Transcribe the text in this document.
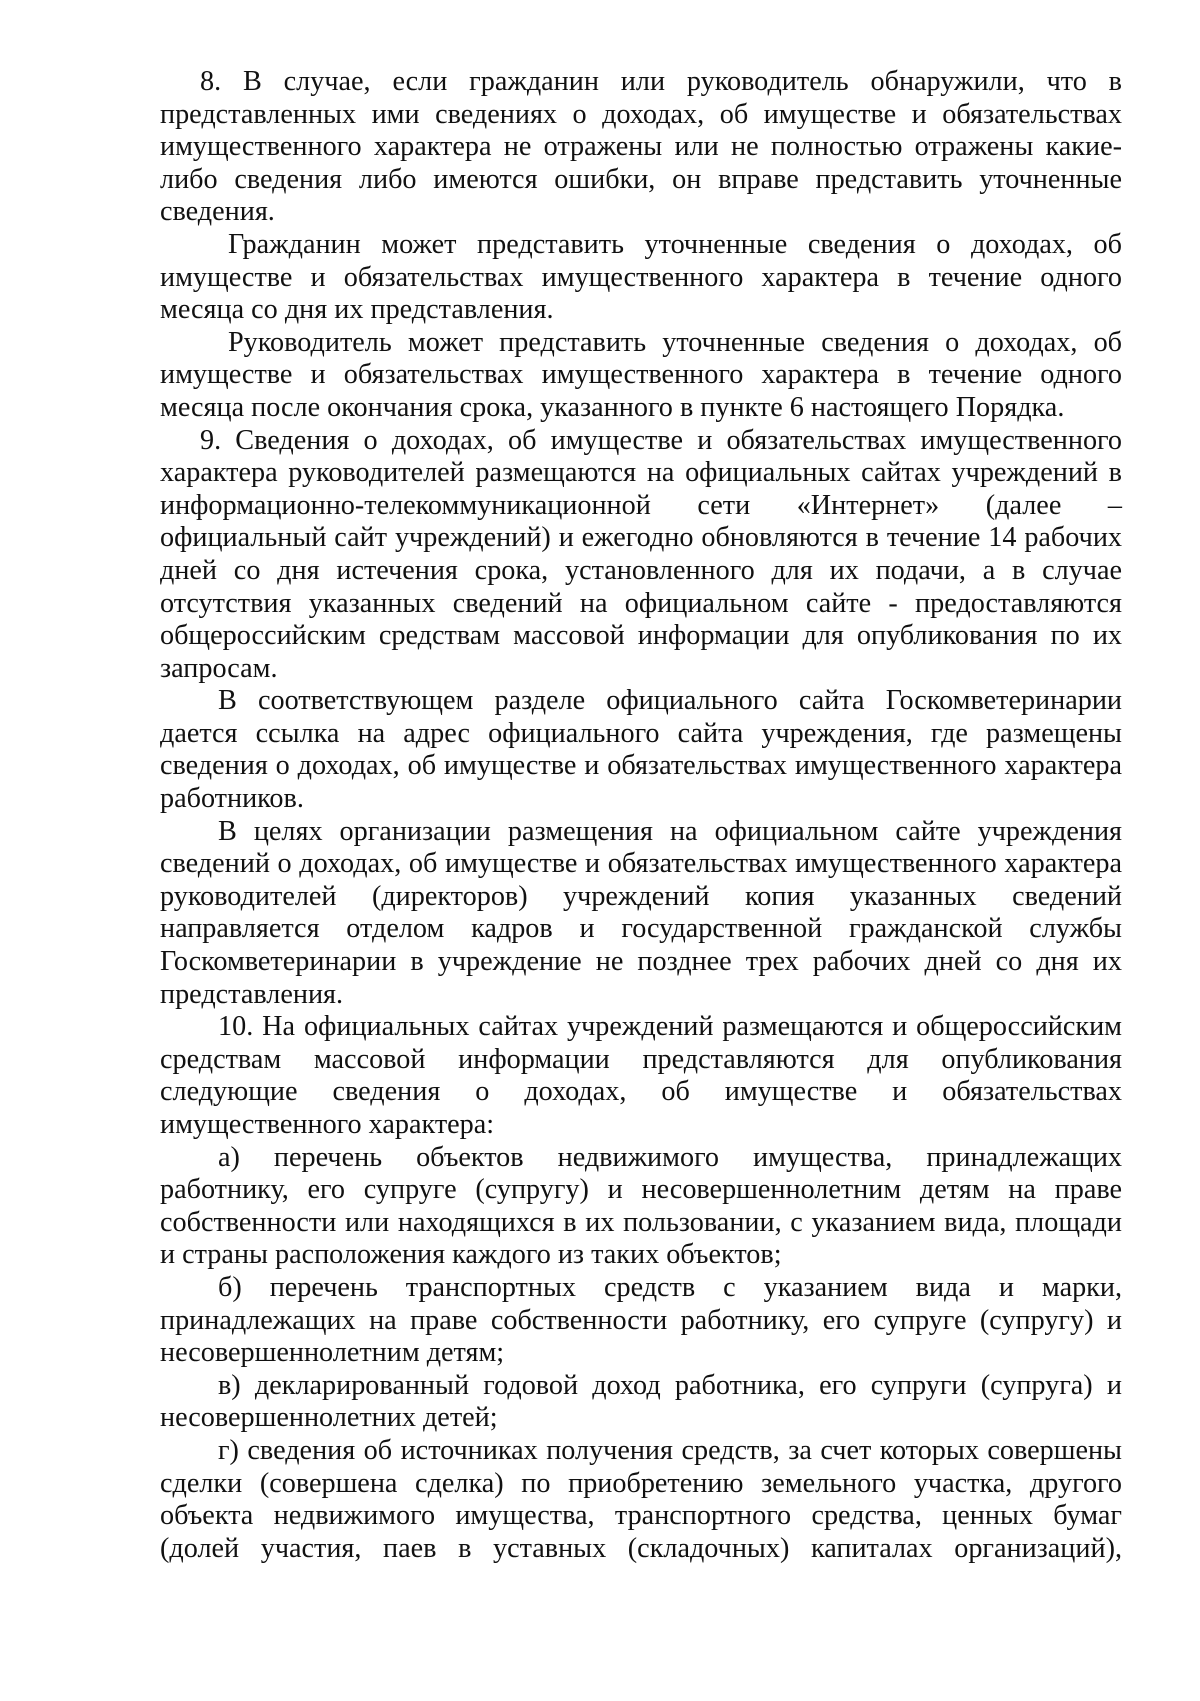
8. В случае, если гражданин или руководитель обнаружили, что в представленных ими сведениях о доходах, об имуществе и обязательствах имущественного характера не отражены или не полностью отражены какие-либо сведения либо имеются ошибки, он вправе представить уточненные сведения.

Гражданин может представить уточненные сведения о доходах, об имуществе и обязательствах имущественного характера в течение одного месяца со дня их представления.

Руководитель может представить уточненные сведения о доходах, об имуществе и обязательствах имущественного характера в течение одного месяца после окончания срока, указанного в пункте 6 настоящего Порядка.

9. Сведения о доходах, об имуществе и обязательствах имущественного характера руководителей размещаются на официальных сайтах учреждений в информационно-телекоммуникационной сети «Интернет» (далее – официальный сайт учреждений) и ежегодно обновляются в течение 14 рабочих дней со дня истечения срока, установленного для их подачи, а в случае отсутствия указанных сведений на официальном сайте - предоставляются общероссийским средствам массовой информации для опубликования по их запросам.

В соответствующем разделе официального сайта Госкомветеринарии дается ссылка на адрес официального сайта учреждения, где размещены сведения о доходах, об имуществе и обязательствах имущественного характера работников.

В целях организации размещения на официальном сайте учреждения сведений о доходах, об имуществе и обязательствах имущественного характера руководителей (директоров) учреждений копия указанных сведений направляется отделом кадров и государственной гражданской службы Госкомветеринарии в учреждение не позднее трех рабочих дней со дня их представления.

10. На официальных сайтах учреждений размещаются и общероссийским средствам массовой информации представляются для опубликования следующие сведения о доходах, об имуществе и обязательствах имущественного характера:

а) перечень объектов недвижимого имущества, принадлежащих работнику, его супруге (супругу) и несовершеннолетним детям на праве собственности или находящихся в их пользовании, с указанием вида, площади и страны расположения каждого из таких объектов;

б) перечень транспортных средств с указанием вида и марки, принадлежащих на праве собственности работнику, его супруге (супругу) и несовершеннолетним детям;

в) декларированный годовой доход работника, его супруги (супруга) и несовершеннолетних детей;

г) сведения об источниках получения средств, за счет которых совершены сделки (совершена сделка) по приобретению земельного участка, другого объекта недвижимого имущества, транспортного средства, ценных бумаг (долей участия, паев в уставных (складочных) капиталах организаций),
